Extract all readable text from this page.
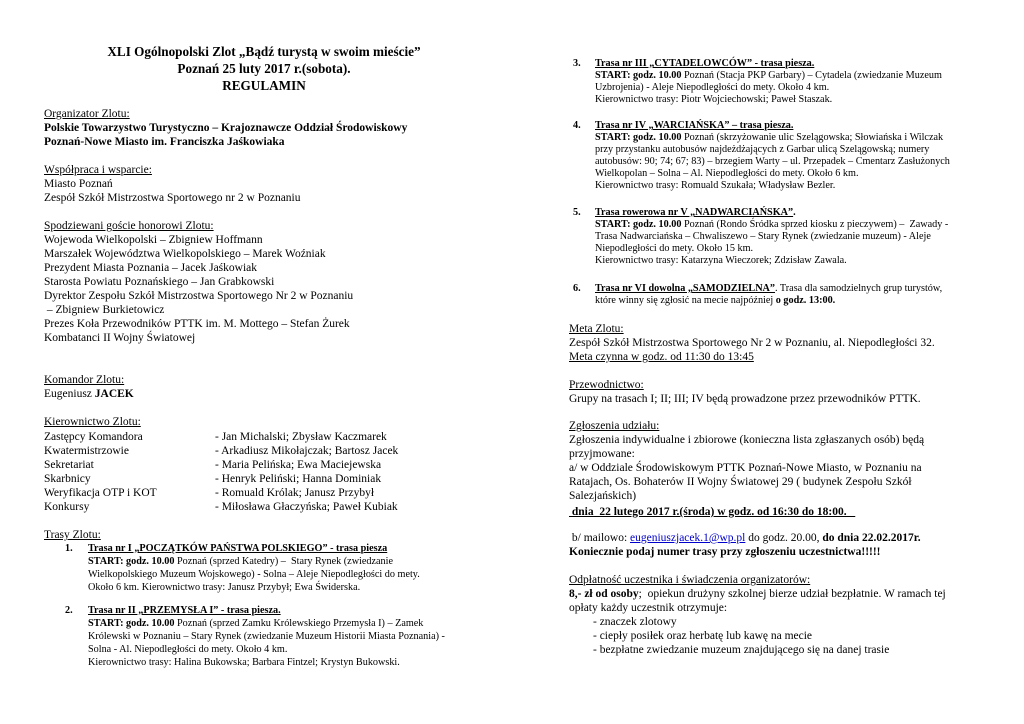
XLI Ogólnopolski Zlot „Bądź turystą w swoim mieście”
Poznań 25 luty 2017 r.(sobota).
REGULAMIN
Organizator Zlotu:
Polskie Towarzystwo Turystyczno – Krajoznawcze Oddział Środowiskowy
Poznań-Nowe Miasto im. Franciszka Jaśkowiaka
Współpraca i wsparcie:
Miasto Poznań
Zespół Szkół Mistrzostwa Sportowego nr 2 w Poznaniu
Spodziewani goście honorowi Zlotu:
Wojewoda Wielkopolski – Zbigniew Hoffmann
Marszałek Województwa Wielkopolskiego – Marek Woźniak
Prezydent Miasta Poznania – Jacek Jaśkowiak
Starosta Powiatu Poznańskiego – Jan Grabkowski
Dyrektor Zespołu Szkół Mistrzostwa Sportowego Nr 2 w Poznaniu
– Zbigniew Burkietowicz
Prezes Koła Przewodników PTTK im. M. Mottego – Stefan Żurek
Kombatanci II Wojny Światowej
Komandor Zlotu:
Eugeniusz JACEK
Kierownictwo Zlotu:
Zastępcy Komandora	- Jan Michalski; Zbysław Kaczmarek
Kwatermistrzowie	- Arkadiusz Mikołajczak; Bartosz Jacek
Sekretariat	- Maria Pelińska; Ewa Maciejewska
Skarbnicy	- Henryk Peliński; Hanna Dominiak
Weryfikacja OTP i KOT	- Romuald Królak; Janusz Przybył
Konkursy	- Miłosława Głaczyńska; Paweł Kubiak
Trasy Zlotu:
1. Trasa nr I „POCZĄTKÓW PAŃSTWA POLSKIEGO” - trasa piesza
START: godz. 10.00 Poznań (sprzed Katedry) –  Stary Rynek (zwiedzanie
Wielkopolskiego Muzeum Wojskowego) - Solna – Aleje Niepodległości do mety.
Około 6 km. Kierownictwo trasy: Janusz Przybył; Ewa Świderska.
2. Trasa nr II „PRZEMYSŁA I” - trasa piesza.
START: godz. 10.00 Poznań (sprzed Zamku Królewskiego Przemysła I) – Zamek
Królewski w Poznaniu – Stary Rynek (zwiedzanie Muzeum Historii Miasta Poznania) -
Solna - Al. Niepodległości do mety. Około 4 km.
Kierownictwo trasy: Halina Bukowska; Barbara Fintzel; Krystyn Bukowski.
3. Trasa nr III „CYTADELOWCÓW” - trasa piesza.
START: godz. 10.00 Poznań (Stacja PKP Garbary) – Cytadela (zwiedzanie Muzeum
Uzbrojenia) - Aleje Niepodległości do mety. Około 4 km.
Kierownictwo trasy: Piotr Wojciechowski; Paweł Staszak.
4. Trasa nr IV „WARCIAŃSKA” – trasa piesza.
START: godz. 10.00 Poznań (skrzyżowanie ulic Szelągowska; Słowiańska i Wilczak
przy przystanku autobusów najdeżdżających z Garbar ulicą Szelągowską; numery
autobusów: 90; 74; 67; 83) – brzegiem Warty – ul. Przepadek – Cmentarz Zasłużonych
Wielkopolan – Solna – Al. Niepodległości do mety. Około 6 km.
Kierownictwo trasy: Romuald Szukała; Władysław Bezler.
5. Trasa rowerowa nr V „NADWARCIAŃSKA”.
START: godz. 10.00 Poznań (Rondo Śródka sprzed kiosku z pieczywem) –  Zawady -
Trasa Nadwarciańska – Chwaliszewo – Stary Rynek (zwiedzanie muzeum) - Aleje
Niepodległości do mety. Około 15 km.
Kierownictwo trasy: Katarzyna Wieczorek; Zdzisław Zawala.
6. Trasa nr VI dowolna „SAMODZIELNA”. Trasa dla samodzielnych grup turystów,
które winny się zgłosić na mecie najpóźniej o godz. 13:00.
Meta Zlotu:
Zespół Szkół Mistrzostwa Sportowego Nr 2 w Poznaniu, al. Niepodległości 32.
Meta czynna w godz. od 11:30 do 13:45
Przewodnictwo:
Grupy na trasach I; II; III; IV będą prowadzone przez przewodników PTTK.
Zgłoszenia udziału:
Zgłoszenia indywidualne i zbiorowe (konieczna lista zgłaszanych osób) będą
przyjmowane:
a/ w Oddziale Środowiskowym PTTK Poznań-Nowe Miasto, w Poznaniu na
Ratajach, Os. Bohaterów II Wojny Światowej 29 ( budynek Zespołu Szkół
Salezjańskich)
dnia  22 lutego 2017 r.(środa) w godz. od 16:30 do 18:00.
b/ mailowo: eugeniuszjacek.1@wp.pl do godz. 20.00, do dnia 22.02.2017r.
Koniecznie podaj numer trasy przy zgłoszeniu uczestnictwa!!!!!
Odpłatność uczestnika i świadczenia organizatorów:
8,- zł od osoby;  opiekun drużyny szkolnej bierze udział bezpłatnie. W ramach tej
opłaty każdy uczestnik otrzymuje:
- znaczek zlotowy
- ciepły posiłek oraz herbatę lub kawę na mecie
- bezpłatne zwiedzanie muzeum znajdującego się na danej trasie
